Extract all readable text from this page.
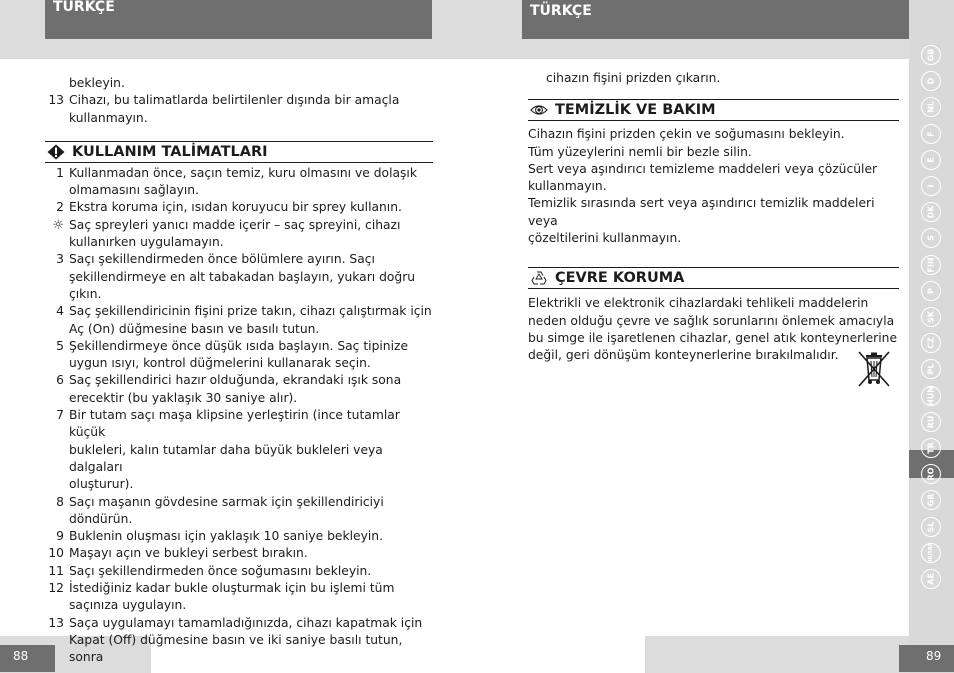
TÜRKÇE	TÜRKÇE
GB
D
NL
F
E
I
DK
S
FIN
P
SK
CZ
PL
HUN
RU
TR
RO
GR
SL
HR/SRB
AE
88	89
bekleyin.
13 Cihazı, bu talimatlarda belirtilenler dışında bir amaçla
kullanmayın.
KULLANIM TALİMATLARI
1 Kullanmadan önce, saçın temiz, kuru olmasını ve dolaşık
olmamasını sağlayın.
2 Ekstra koruma için, ısıdan koruyucu bir sprey kullanın.
☼ Saç spreyleri yanıcı madde içerir – saç spreyini, cihazı
kullanırken uygulamayın.
3 Saçı şekillendirmeden önce bölümlere ayırın. Saçı
şekillendirmeye en alt tabakadan başlayın, yukarı doğru
çıkın.
4 Saç şekillendiricinin fişini prize takın, cihazı çalıştırmak için
Aç (On) düğmesine basın ve basılı tutun.
5 Şekillendirmeye önce düşük ısıda başlayın. Saç tipinize
uygun ısıyı, kontrol düğmelerini kullanarak seçin.
6 Saç şekillendirici hazır olduğunda, ekrandaki ışık sona
erecektir (bu yaklaşık 30 saniye alır).
7 Bir tutam saçı maşa klipsine yerleştirin (ince tutamlar küçük
bukleleri, kalın tutamlar daha büyük bukleleri veya dalgaları
oluşturur).
8 Saçı maşanın gövdesine sarmak için şekillendiriciyi
döndürün.
9 Buklenin oluşması için yaklaşık 10 saniye bekleyin.
10 Maşayı açın ve bukleyi serbest bırakın.
11 Saçı şekillendirmeden önce soğumasını bekleyin.
12 İstediğiniz kadar bukle oluşturmak için bu işlemi tüm
saçınıza uygulayın.
13 Saça uygulamayı tamamladığınızda, cihazı kapatmak için
Kapat (Off) düğmesine basın ve iki saniye basılı tutun, sonra
cihazın fişini prizden çıkarın.
TEMİZLİK VE BAKIM
Cihazın fişini prizden çekin ve soğumasını bekleyin.
Tüm yüzeylerini nemli bir bezle silin.
Sert veya aşındırıcı temizleme maddeleri veya çözücüler
kullanmayın.
Temizlik sırasında sert veya aşındırıcı temizlik maddeleri veya
çözeltilerini kullanmayın.
ÇEVRE KORUMA
Elektrikli ve elektronik cihazlardaki tehlikeli maddelerin
neden olduğu çevre ve sağlık sorunlarını önlemek amacıyla
bu simge ile işaretlenen cihazlar, genel atık konteynerlerine
değil, geri dönüşüm konteynerlerine bırakılmalıdır.
